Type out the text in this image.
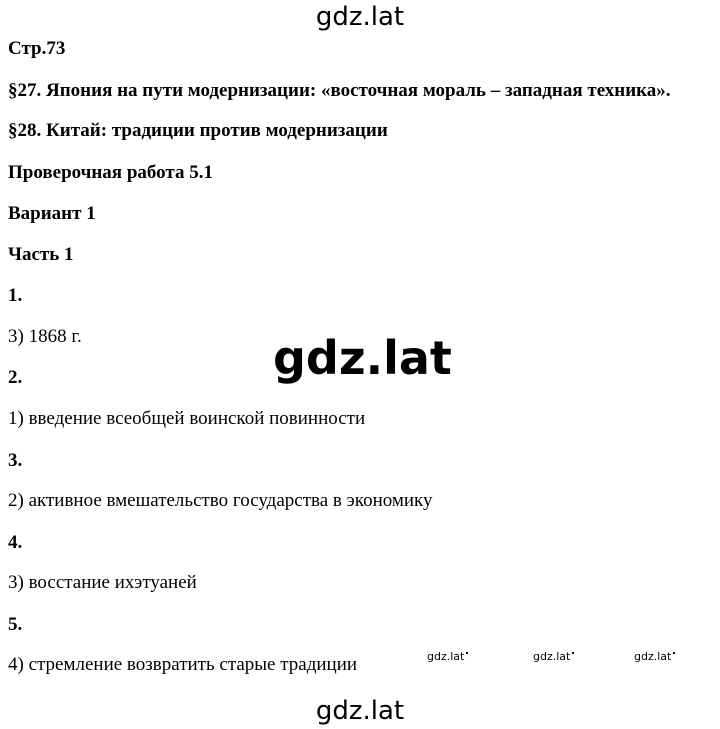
gdz.lat
Стр.73
§27. Япония на пути модернизации: «восточная мораль – западная техника».
§28. Китай: традиции против модернизации
Проверочная работа 5.1
Вариант 1
Часть 1
1.
3) 1868 г.
2.
1) введение всеобщей воинской повинности
3.
2) активное вмешательство государства в экономику
4.
3) восстание ихэтуаней
5.
4) стремление возвратить старые традиции
gdz.lat
gdz.lat	gdz.lat	gdz.lat
gdz.lat
